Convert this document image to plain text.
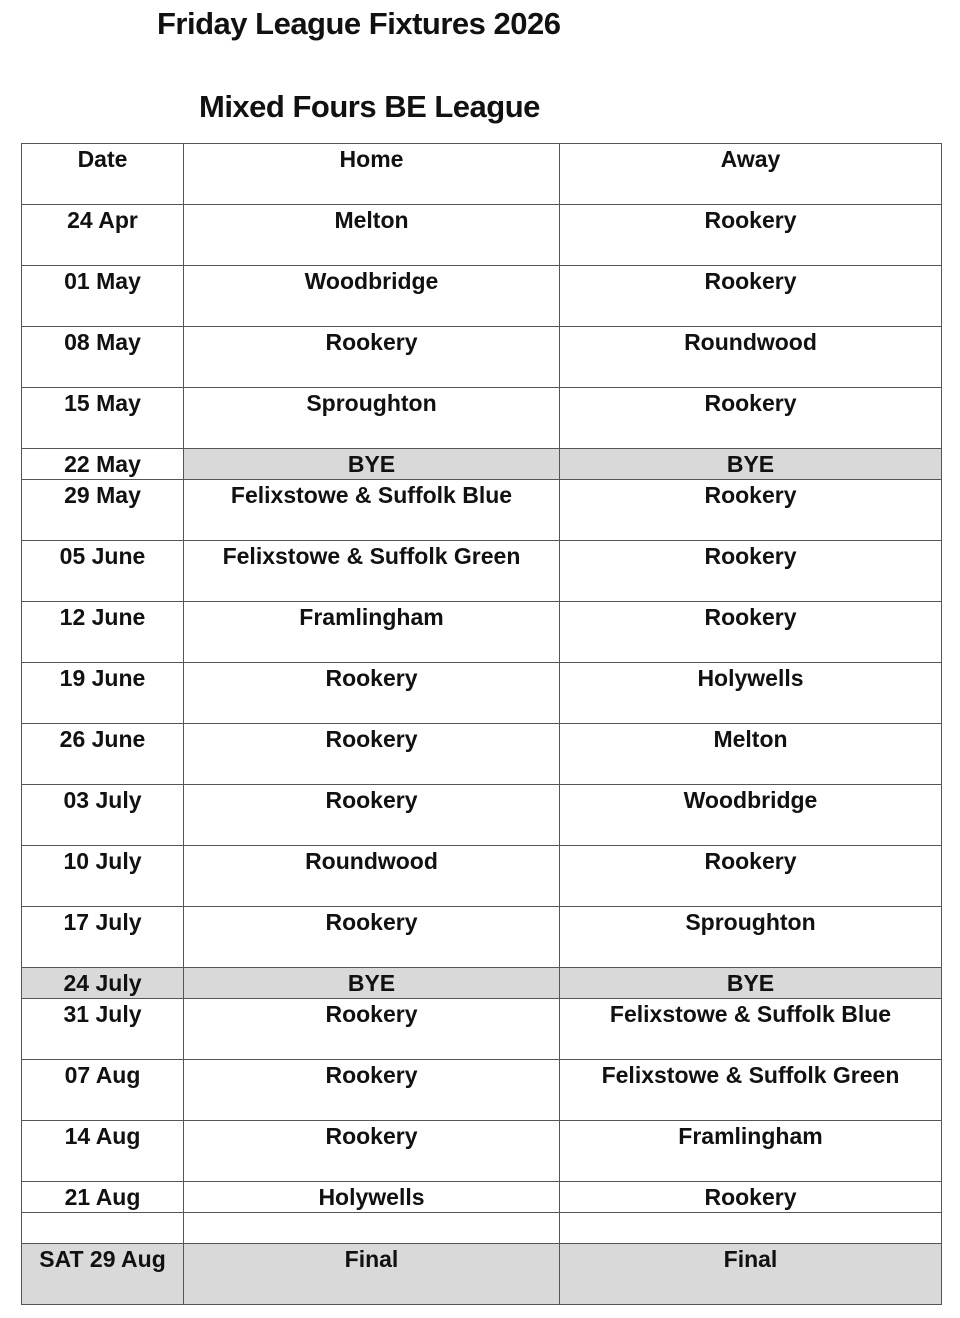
Friday League Fixtures 2026
Mixed Fours BE League
Date	Home	Away
24 Apr	Melton	Rookery
01 May	Woodbridge	Rookery
08 May	Rookery	Roundwood
15 May	Sproughton	Rookery
22 May	BYE	BYE
29 May	Felixstowe & Suffolk Blue	Rookery
05 June	Felixstowe & Suffolk Green	Rookery
12 June	Framlingham	Rookery
19 June	Rookery	Holywells
26 June	Rookery	Melton
03 July	Rookery	Woodbridge
10 July	Roundwood	Rookery
17 July	Rookery	Sproughton
24 July	BYE	BYE
31 July	Rookery	Felixstowe & Suffolk Blue
07 Aug	Rookery	Felixstowe & Suffolk Green
14 Aug	Rookery	Framlingham
21 Aug	Holywells	Rookery

SAT 29 Aug	Final	Final
